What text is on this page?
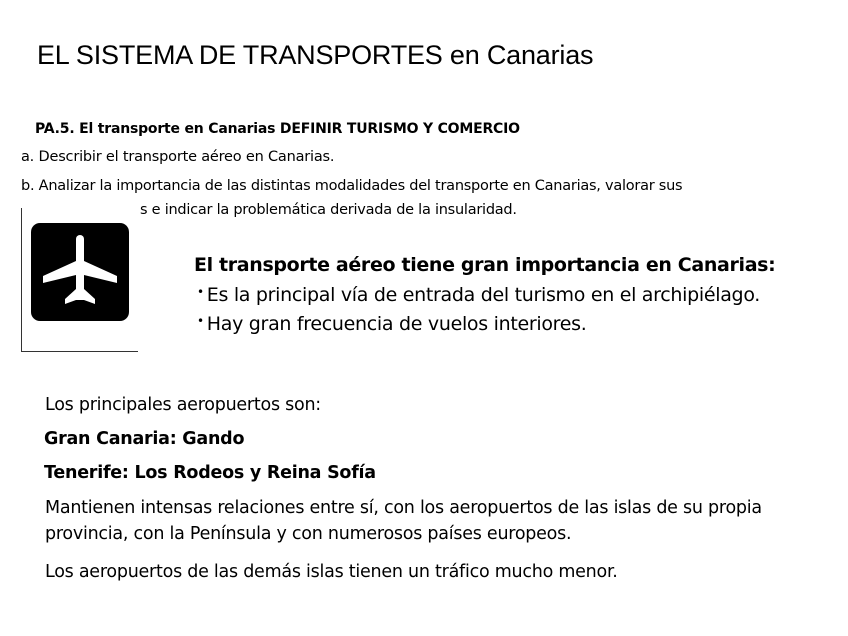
EL SISTEMA DE TRANSPORTES en Canarias
PA.5. El transporte en Canarias DEFINIR TURISMO Y COMERCIO
a. Describir el transporte aéreo en Canarias.
b. Analizar la importancia de las distintas modalidades del transporte en Canarias, valorar sus
s e indicar la problemática derivada de la insularidad.
El transporte aéreo tiene gran importancia en Canarias:
• Es la principal vía de entrada del turismo en el archipiélago.
• Hay gran frecuencia de vuelos interiores.
Los principales aeropuertos son:
Gran Canaria: Gando
Tenerife: Los Rodeos y Reina Sofía
Mantienen intensas relaciones entre sí, con los aeropuertos de las islas de su propia
provincia, con la Península y con numerosos países europeos.
Los aeropuertos de las demás islas tienen un tráfico mucho menor.
